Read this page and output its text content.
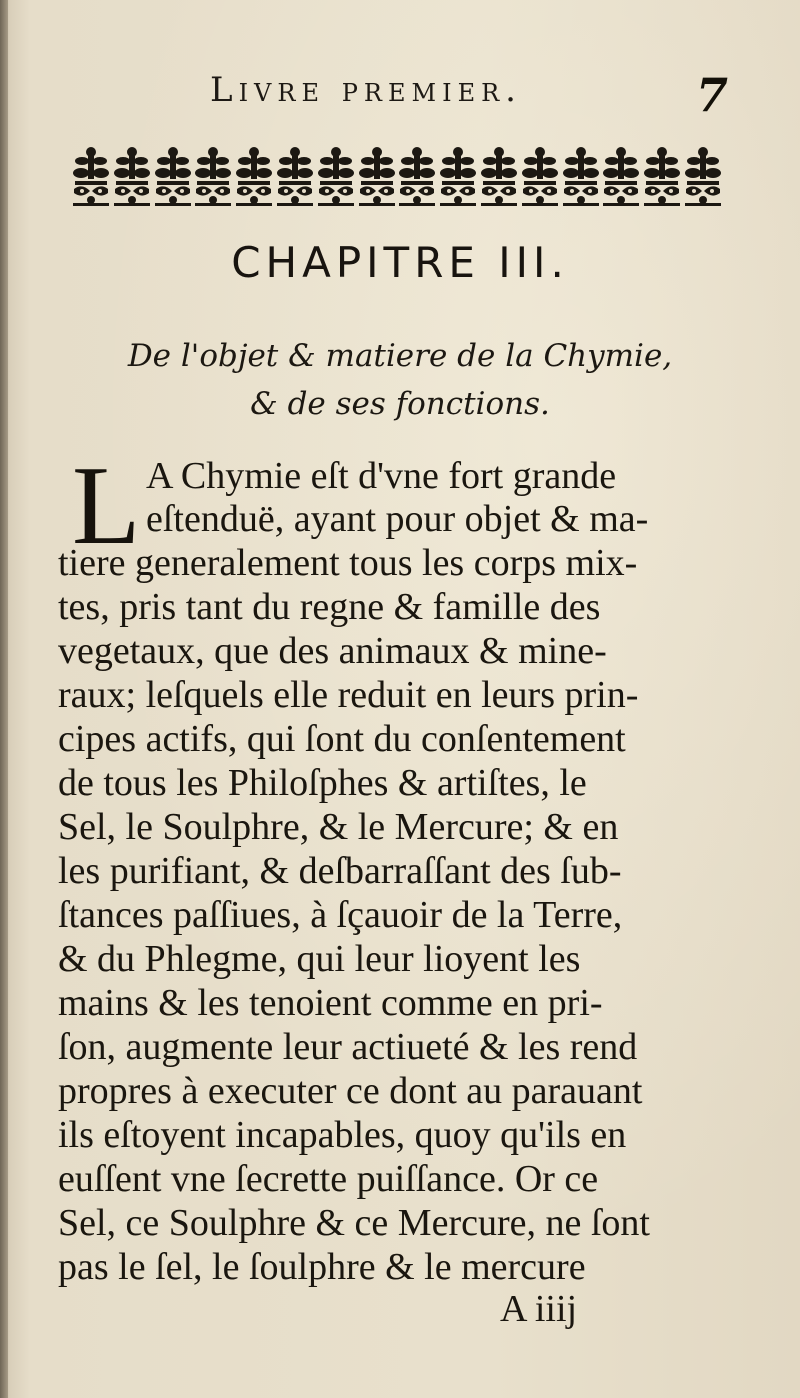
Livre premier.	7
CHAPITRE III.
De l'objet & matiere de la Chymie,
& de ses fonctions.
L A Chymie eſt d'vne fort grande
eſtenduë, ayant pour objet & ma-
tiere generalement tous les corps mix-
tes, pris tant du regne & famille des
vegetaux, que des animaux & mine-
raux; leſquels elle reduit en leurs prin-
cipes actifs, qui ſont du conſentement
de tous les Philoſphes & artiſtes, le
Sel, le Soulphre, & le Mercure; & en
les purifiant, & deſbarraſſant des ſub-
ſtances paſſiues, à ſçauoir de la Terre,
& du Phlegme, qui leur lioyent les
mains & les tenoient comme en pri-
ſon, augmente leur actiueté & les rend
propres à executer ce dont au parauant
ils eſtoyent incapables, quoy qu'ils en
euſſent vne ſecrette puiſſance. Or ce
Sel, ce Soulphre & ce Mercure, ne ſont
pas le ſel, le ſoulphre & le mercure
A iiij
